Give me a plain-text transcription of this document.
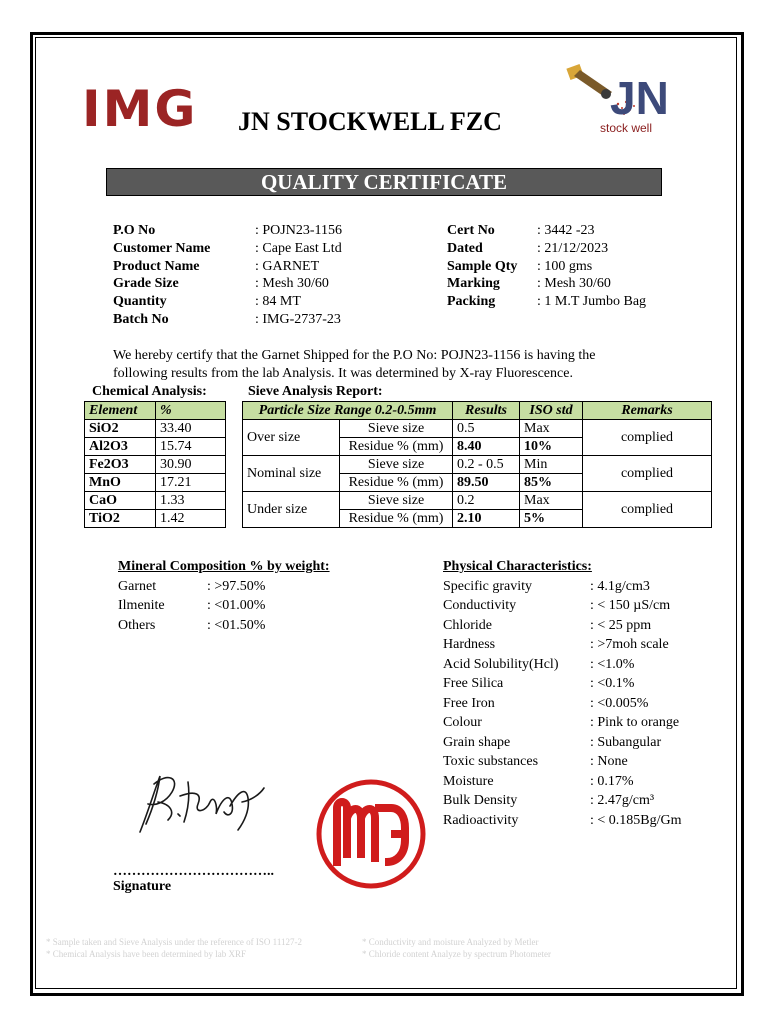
IMG JN STOCKWELL FZC JN
stock well
QUALITY CERTIFICATE
P.O No	: POJN23-1156
Customer Name	: Cape East Ltd
Product Name	: GARNET
Grade Size	: Mesh 30/60
Quantity	: 84 MT
Batch No	: IMG-2737-23
Cert No	: 3442 -23
Dated	: 21/12/2023
Sample Qty	: 100 gms
Marking	: Mesh 30/60
Packing	: 1 M.T Jumbo Bag
We hereby certify that the Garnet Shipped for the P.O No: POJN23-1156 is having the following results from the lab Analysis. It was determined by X-ray Fluorescence.
Chemical Analysis:
Element	%
SiO2	33.40
Al2O3	15.74
Fe2O3	30.90
MnO	17.21
CaO	1.33
TiO2	1.42
Sieve Analysis Report:
Particle Size Range 0.2-0.5mm		Results	ISO std	Remarks
Over size	Sieve size	0.5	Max	complied
	Residue % (mm)	8.40	10%	
Nominal size	Sieve size	0.2 - 0.5	Min	complied
	Residue % (mm)	89.50	85%	
Under size	Sieve size	0.2	Max	complied
	Residue % (mm)	2.10	5%	
Mineral Composition % by weight:
Garnet	: >97.50%
Ilmenite	: <01.00%
Others	: <01.50%
Physical Characteristics:
Specific gravity	: 4.1g/cm3
Conductivity	: < 150 µS/cm
Chloride	: < 25 ppm
Hardness	: >7moh scale
Acid Solubility(Hcl)	: <1.0%
Free Silica	: <0.1%
Free Iron	: <0.005%
Colour	: Pink to orange
Grain shape	: Subangular
Toxic substances	: None
Moisture	: 0.17%
Bulk Density	: 2.47g/cm³
Radioactivity	: < 0.185Bg/Gm
……………………………..
Signature
* Sample taken and Sieve Analysis under the reference of ISO 11127-2
* Chemical Analysis have been determined by lab XRF
* Conductivity and moisture Analyzed by Metler
* Chloride content Analyze by spectrum Photometer
